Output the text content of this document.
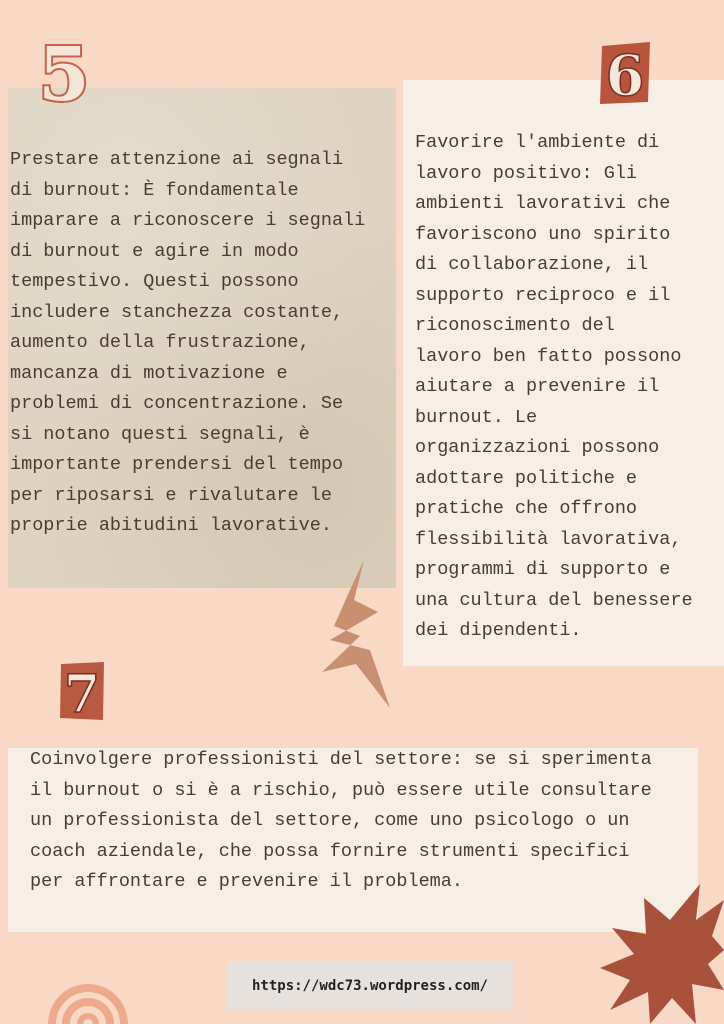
5	6
7

Prestare attenzione ai segnali
di burnout: È fondamentale
imparare a riconoscere i segnali
di burnout e agire in modo
tempestivo. Questi possono
includere stanchezza costante,
aumento della frustrazione,
mancanza di motivazione e
problemi di concentrazione. Se
si notano questi segnali, è
importante prendersi del tempo
per riposarsi e rivalutare le
proprie abitudini lavorative.

Favorire l'ambiente di
lavoro positivo: Gli
ambienti lavorativi che
favoriscono uno spirito
di collaborazione, il
supporto reciproco e il
riconoscimento del
lavoro ben fatto possono
aiutare a prevenire il
burnout. Le
organizzazioni possono
adottare politiche e
pratiche che offrono
flessibilità lavorativa,
programmi di supporto e
una cultura del benessere
dei dipendenti.

Coinvolgere professionisti del settore: se si sperimenta
il burnout o si è a rischio, può essere utile consultare
un professionista del settore, come uno psicologo o un
coach aziendale, che possa fornire strumenti specifici
per affrontare e prevenire il problema.

https://wdc73.wordpress.com/
